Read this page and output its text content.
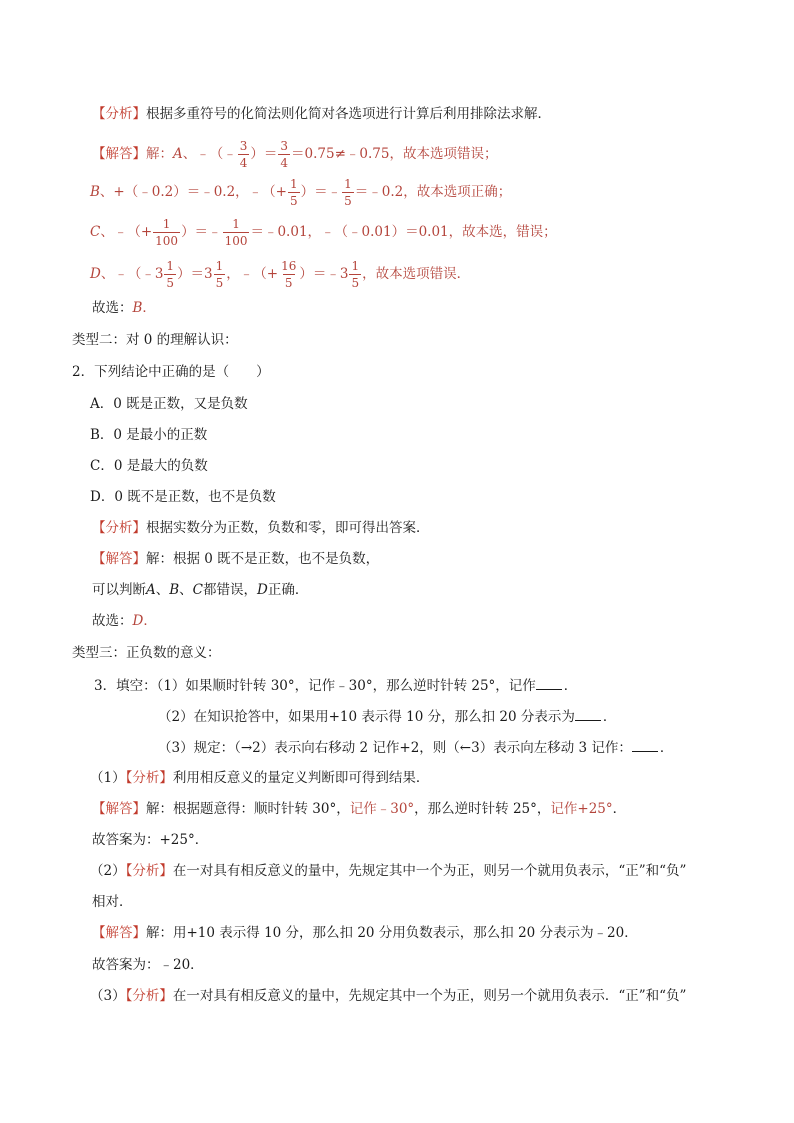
【分析】根据多重符号的化简法则化简对各选项进行计算后利用排除法求解．
【解答】 解： A 、﹣（﹣ $\frac{3}{4}$ ）＝ $\frac{3}{4}$ ＝0.75≠﹣0.75，故本选项错误；
B 、+（﹣0.2）＝﹣0.2，﹣（+ $\frac{1}{5}$ ）＝﹣ $\frac{1}{5}$ ＝﹣0.2，故本选项正确；
C 、﹣（+ $\frac{1}{100}$ ）＝﹣ $\frac{1}{100}$ ＝﹣0.01，﹣（﹣0.01）＝0.01，故本选，错误；
D 、﹣（﹣3 $\frac{1}{5} )=3 \frac{1}{5}$ ，﹣（+ $\frac{16}{5}$ ）＝﹣3 $\frac{1}{5}$ ，故本选项错误．
故选：B．
类型二：对 0 的理解认识：
2．下列结论中正确的是（　　）
A．0 既是正数，又是负数
B．0 是最小的正数
C．0 是最大的负数
D．0 既不是正数，也不是负数
【分析】根据实数分为正数，负数和零，即可得出答案．
【解答】解：根据 0 既不是正数，也不是负数，
可以判断A、B、C都错误，D正确．
故选：D．
类型三：正负数的意义：
3．填空：（1）如果顺时针转 30°，记作﹣30°，那么逆时针转 25°，记作 ．
（2）在知识抢答中，如果用+10 表示得 10 分，那么扣 20 分表示为 ．
（3）规定：（→2）表示向右移动 2 记作+2，则（←3）表示向左移动 3 记作： ．
（1）【分析】利用相反意义的量定义判断即可得到结果．
【解答】解：根据题意得：顺时针转 30°，记作﹣30°，那么逆时针转 25°，记作+25°．
故答案为：+25°．
（2）【分析】在一对具有相反意义的量中，先规定其中一个为正，则另一个就用负表示，“正”和“负”
相对．
【解答】解：用+10 表示得 10 分，那么扣 20 分用负数表示，那么扣 20 分表示为﹣20．
故答案为：﹣20．
（3）【分析】在一对具有相反意义的量中，先规定其中一个为正，则另一个就用负表示．“正”和“负”
